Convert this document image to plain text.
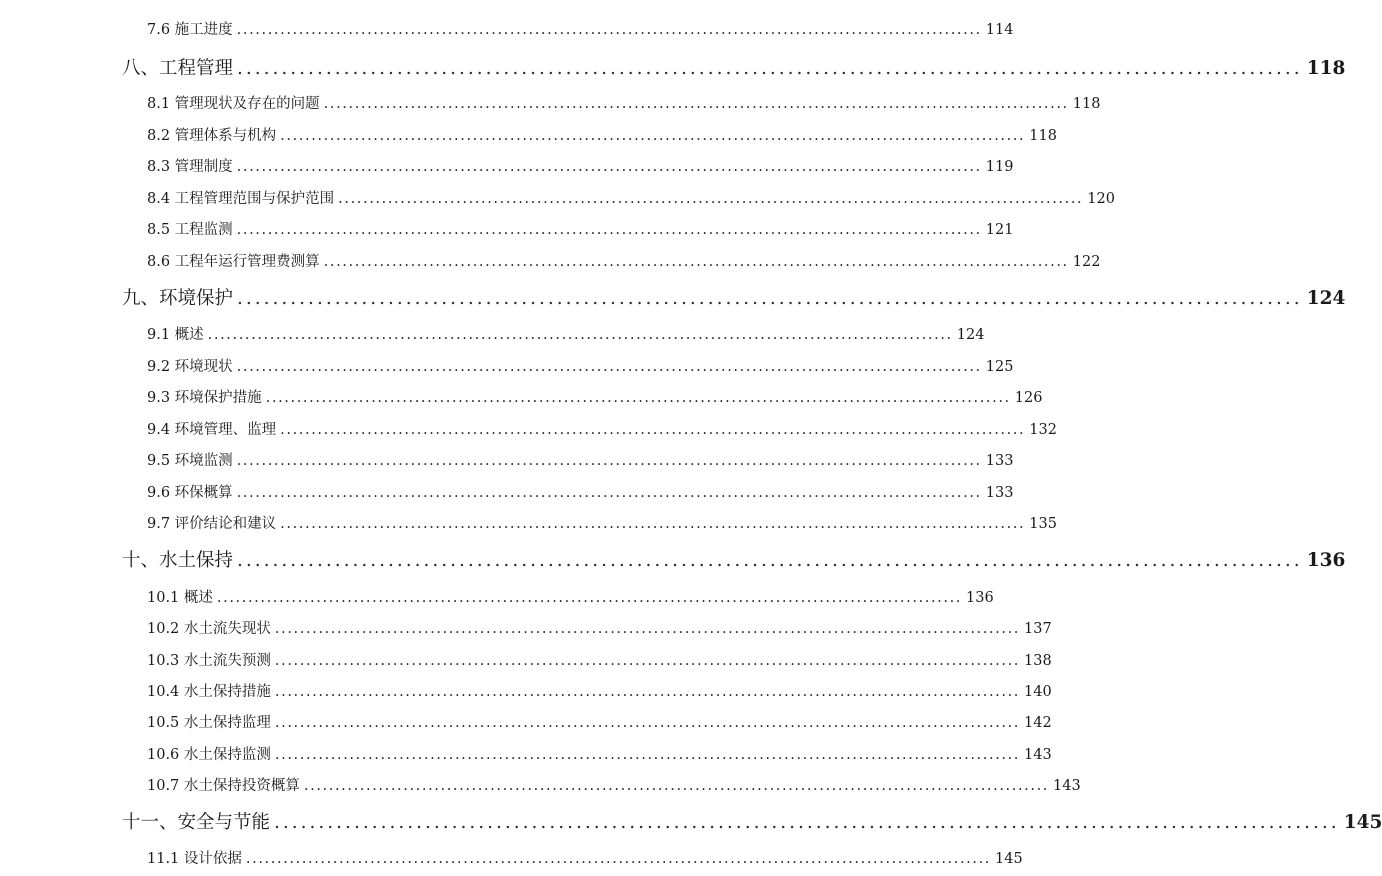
7.6 施工进度 ........................................................................................................................ 114
八、工程管理 ........................................................................................................................ 118
8.1 管理现状及存在的问题 ........................................................................................................................ 118
8.2 管理体系与机构 ........................................................................................................................ 118
8.3 管理制度 ........................................................................................................................ 119
8.4 工程管理范围与保护范围 ........................................................................................................................ 120
8.5 工程监测 ........................................................................................................................ 121
8.6 工程年运行管理费测算 ........................................................................................................................ 122
九、环境保护 ........................................................................................................................ 124
9.1 概述 ........................................................................................................................ 124
9.2 环境现状 ........................................................................................................................ 125
9.3 环境保护措施 ........................................................................................................................ 126
9.4 环境管理、监理 ........................................................................................................................ 132
9.5 环境监测 ........................................................................................................................ 133
9.6 环保概算 ........................................................................................................................ 133
9.7 评价结论和建议 ........................................................................................................................ 135
十、水土保持 ........................................................................................................................ 136
10.1 概述 ........................................................................................................................ 136
10.2 水土流失现状 ........................................................................................................................ 137
10.3 水土流失预测 ........................................................................................................................ 138
10.4 水土保持措施 ........................................................................................................................ 140
10.5 水土保持监理 ........................................................................................................................ 142
10.6 水土保持监测 ........................................................................................................................ 143
10.7 水土保持投资概算 ........................................................................................................................ 143
十一、安全与节能 ........................................................................................................................ 145
11.1 设计依据 ........................................................................................................................ 145
